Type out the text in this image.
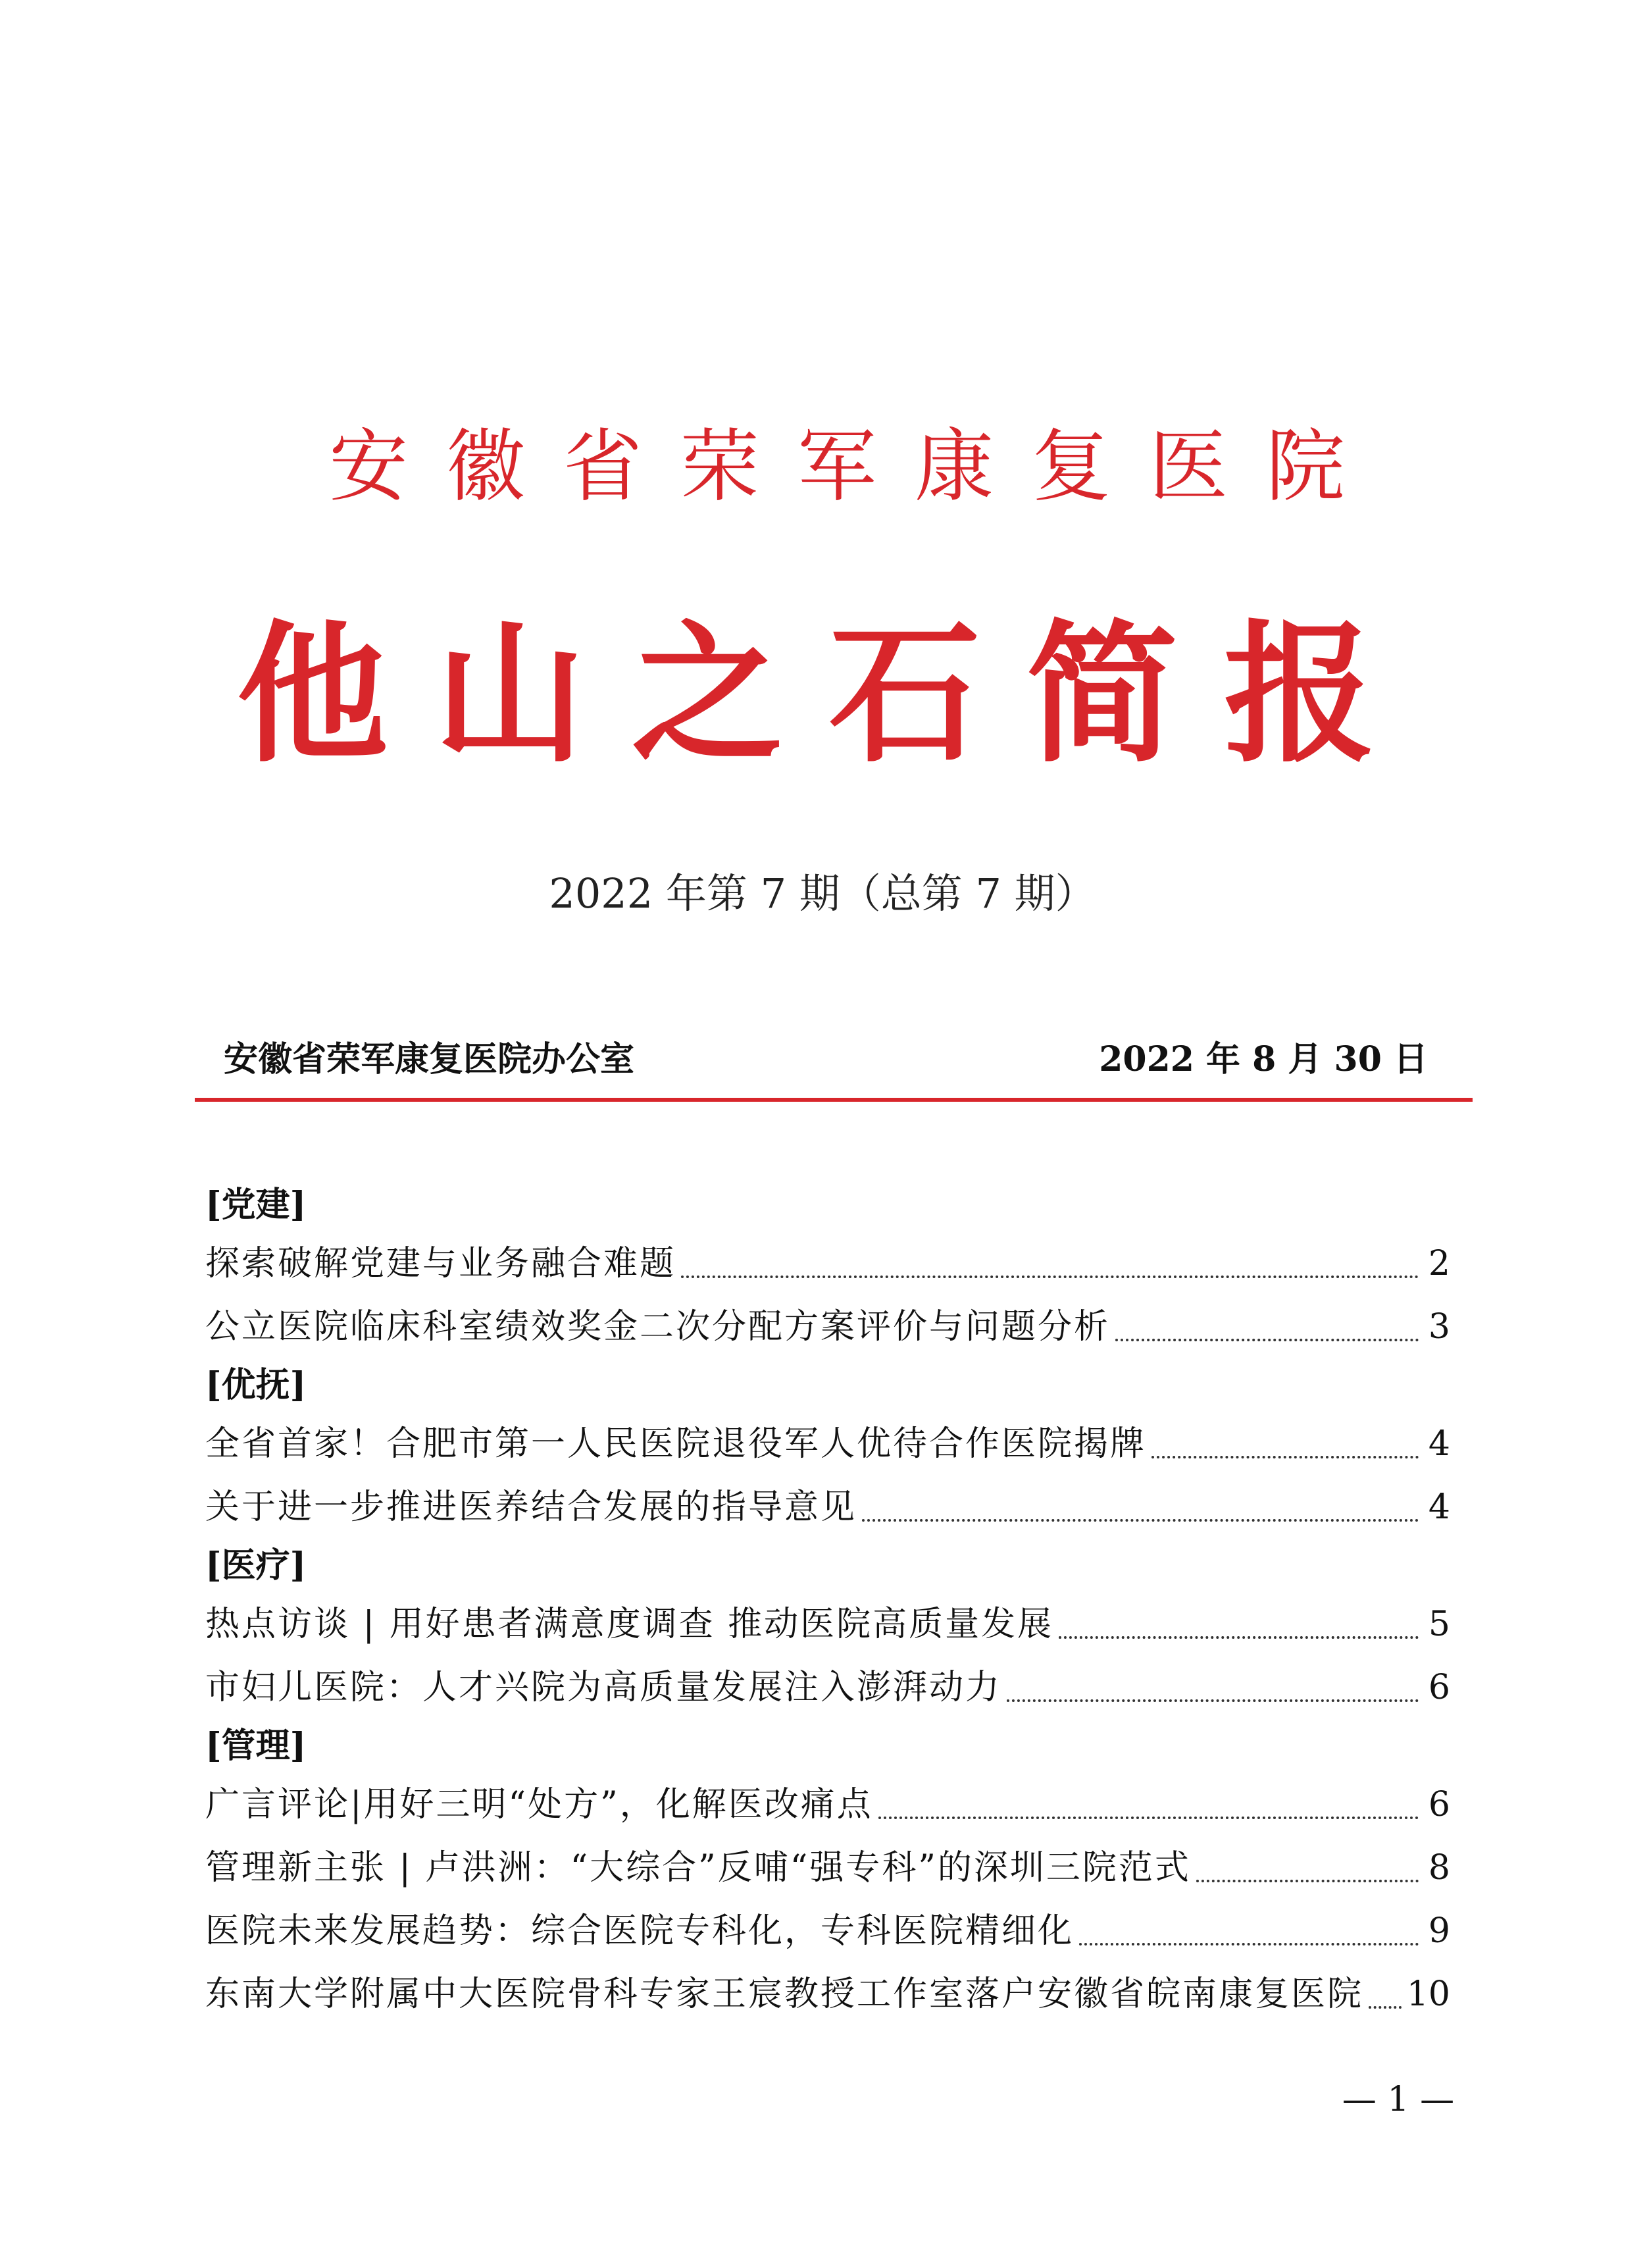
安徽省荣军康复医院
他山之石简报
2022 年第 7 期（总第 7 期）
安徽省荣军康复医院办公室	2022 年 8 月 30 日
[党建]
探索破解党建与业务融合难题	2
公立医院临床科室绩效奖金二次分配方案评价与问题分析	3
[优抚]
全省首家！合肥市第一人民医院退役军人优待合作医院揭牌	4
关于进一步推进医养结合发展的指导意见	4
[医疗]
热点访谈 | 用好患者满意度调查 推动医院高质量发展	5
市妇儿医院：人才兴院为高质量发展注入澎湃动力	6
[管理]
广言评论|用好三明“处方”，化解医改痛点	6
管理新主张 | 卢洪洲：“大综合”反哺“强专科”的深圳三院范式	8
医院未来发展趋势：综合医院专科化，专科医院精细化	9
东南大学附属中大医院骨科专家王宸教授工作室落户安徽省皖南康复医院 10
— 1 —
